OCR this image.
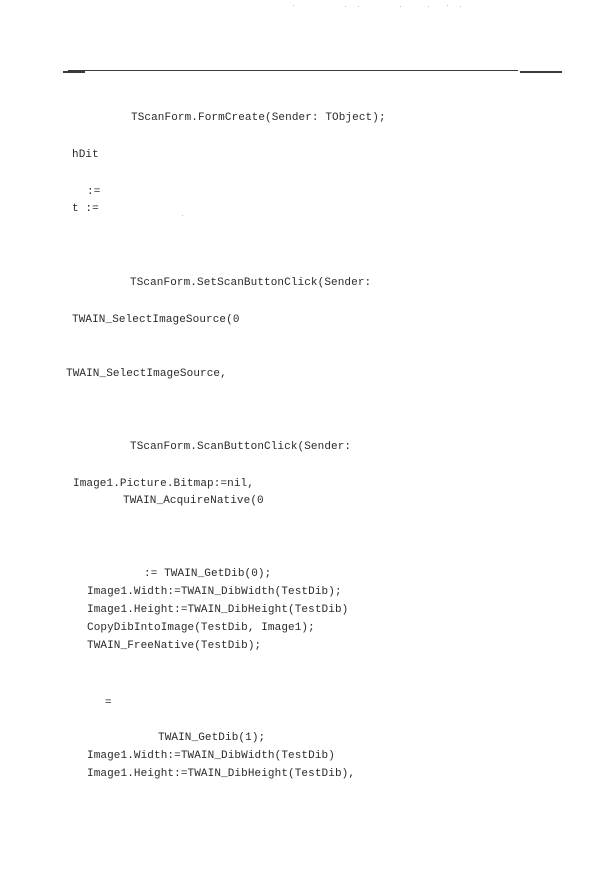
TScanForm.FormCreate(Sender: TObject);
hDit
:=
t :=
TScanForm.SetScanButtonClick(Sender:
TWAIN_SelectImageSource(0
TWAIN_SelectImageSource,
TScanForm.ScanButtonClick(Sender:
Image1.Picture.Bitmap:=nil,
TWAIN_AcquireNative(0
:= TWAIN_GetDib(0);
Image1.Width:=TWAIN_DibWidth(TestDib);
Image1.Height:=TWAIN_DibHeight(TestDib)
CopyDibIntoImage(TestDib, Image1);
TWAIN_FreeNative(TestDib);
=
TWAIN_GetDib(1);
Image1.Width:=TWAIN_DibWidth(TestDib)
Image1.Height:=TWAIN_DibHeight(TestDib),
